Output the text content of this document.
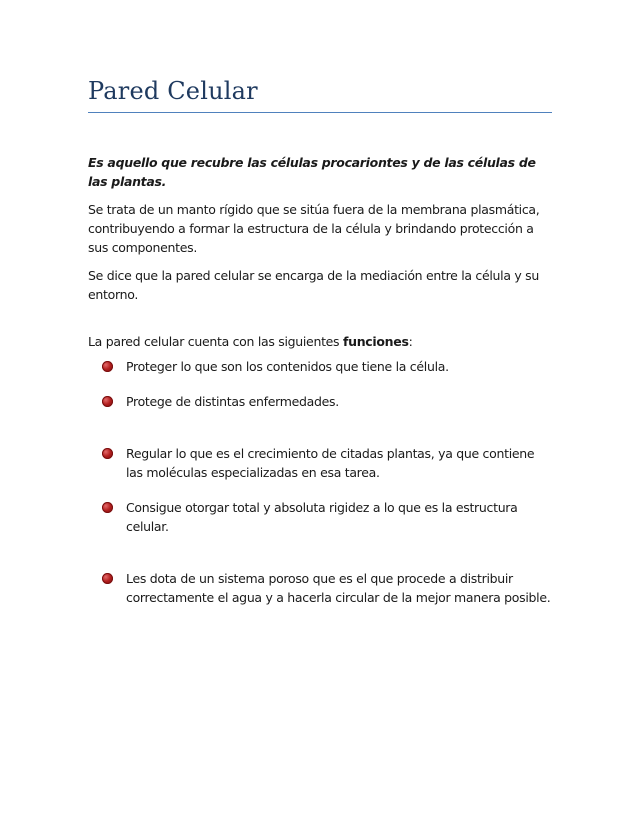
Pared Celular

Es aquello que recubre las células procariontes y de las células de las plantas.

Se trata de un manto rígido que se sitúa fuera de la membrana plasmática, contribuyendo a formar la estructura de la célula y brindando protección a sus componentes.

Se dice que la pared celular se encarga de la mediación entre la célula y su entorno.

La pared celular cuenta con las siguientes funciones:

Proteger lo que son los contenidos que tiene la célula.
Protege de distintas enfermedades.
Regular lo que es el crecimiento de citadas plantas, ya que contiene las moléculas especializadas en esa tarea.
Consigue otorgar total y absoluta rigidez a lo que es la estructura celular.
Les dota de un sistema poroso que es el que procede a distribuir correctamente el agua y a hacerla circular de la mejor manera posible.
